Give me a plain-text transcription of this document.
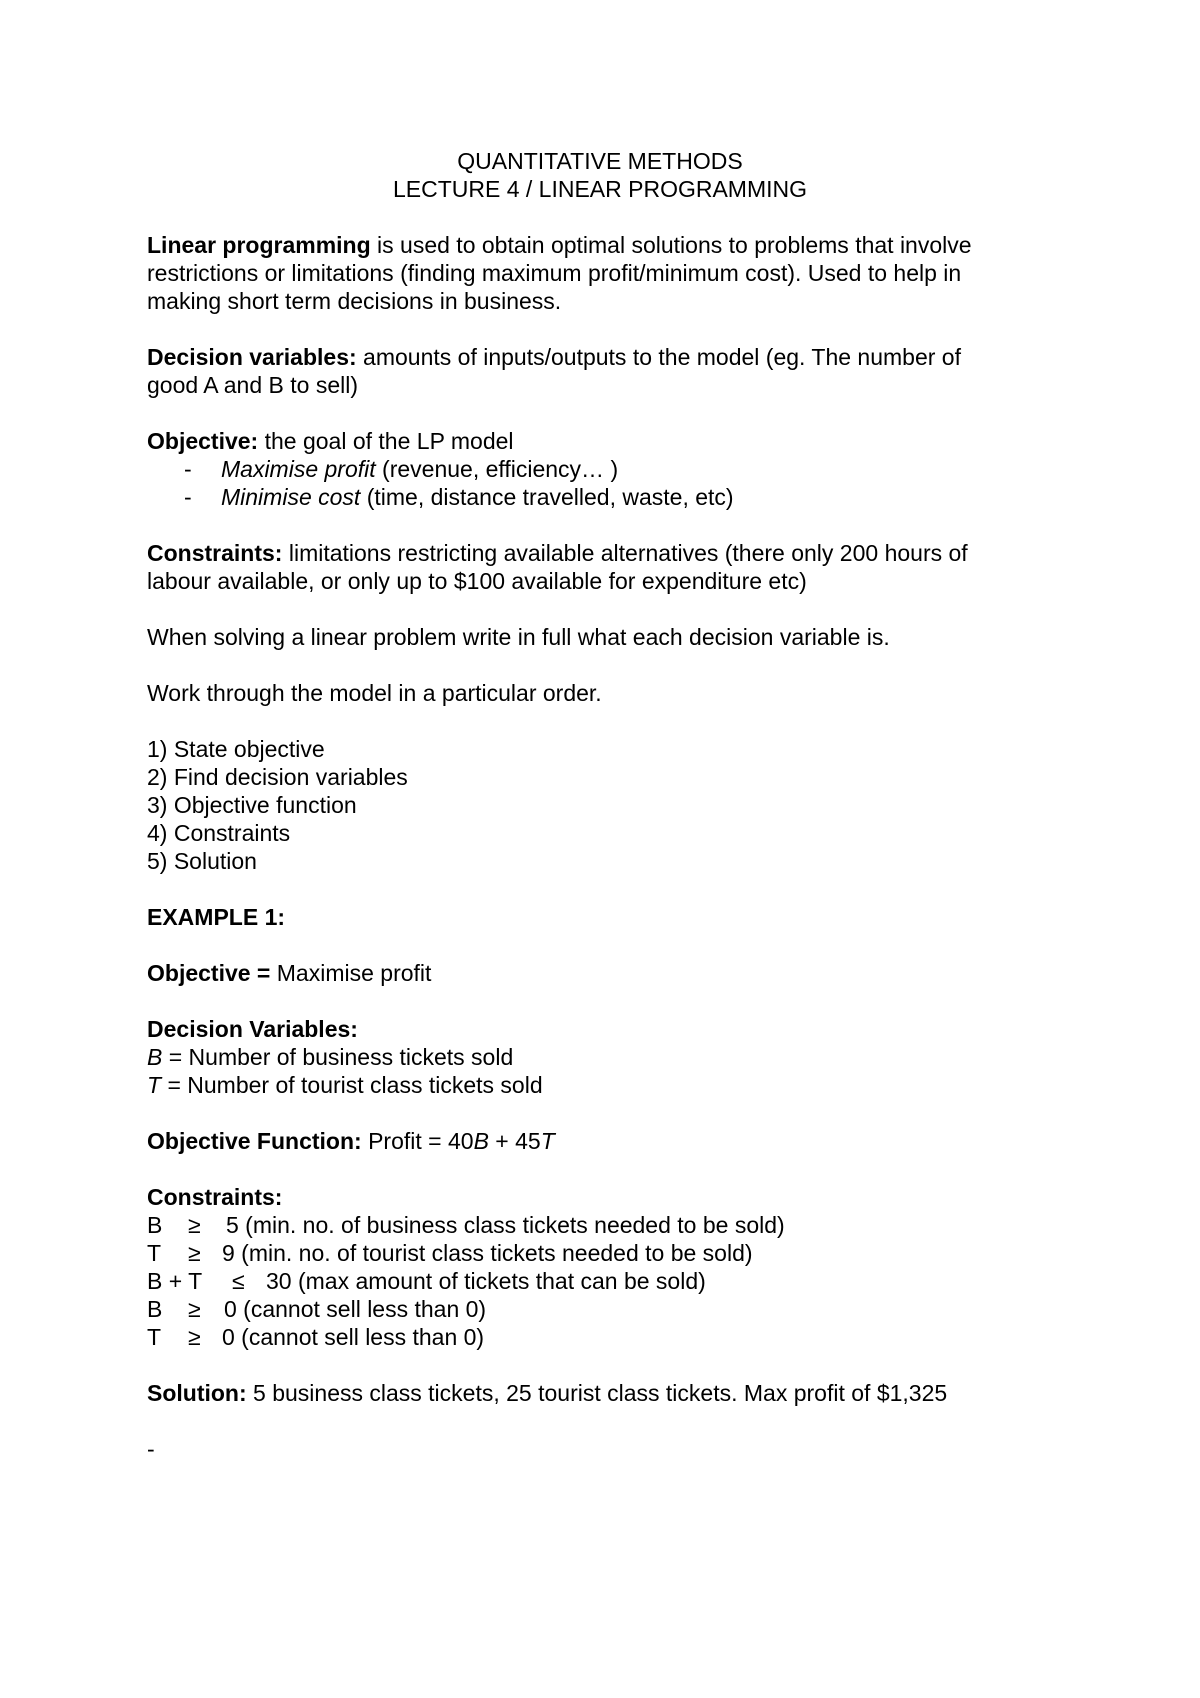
QUANTITATIVE METHODS
LECTURE 4 / LINEAR PROGRAMMING
Linear programming is used to obtain optimal solutions to problems that involve
restrictions or limitations (finding maximum profit/minimum cost). Used to help in
making short term decisions in business.
Decision variables: amounts of inputs/outputs to the model (eg. The number of
good A and B to sell)
Objective: the goal of the LP model
- Maximise profit (revenue, efficiency… )
- Minimise cost (time, distance travelled, waste, etc)
Constraints: limitations restricting available alternatives (there only 200 hours of
labour available, or only up to $100 available for expenditure etc)
When solving a linear problem write in full what each decision variable is.
Work through the model in a particular order.
1) State objective
2) Find decision variables
3) Objective function
4) Constraints
5) Solution
EXAMPLE 1:
Objective = Maximise profit
Decision Variables:
B = Number of business tickets sold
T = Number of tourist class tickets sold
Objective Function: Profit = 40B + 45T
Constraints:
B ≥ 5 (min. no. of business class tickets needed to be sold)
T ≥ 9 (min. no. of tourist class tickets needed to be sold)
B + T ≤ 30 (max amount of tickets that can be sold)
B ≥ 0 (cannot sell less than 0)
T ≥ 0 (cannot sell less than 0)
Solution: 5 business class tickets, 25 tourist class tickets. Max profit of $1,325
-
